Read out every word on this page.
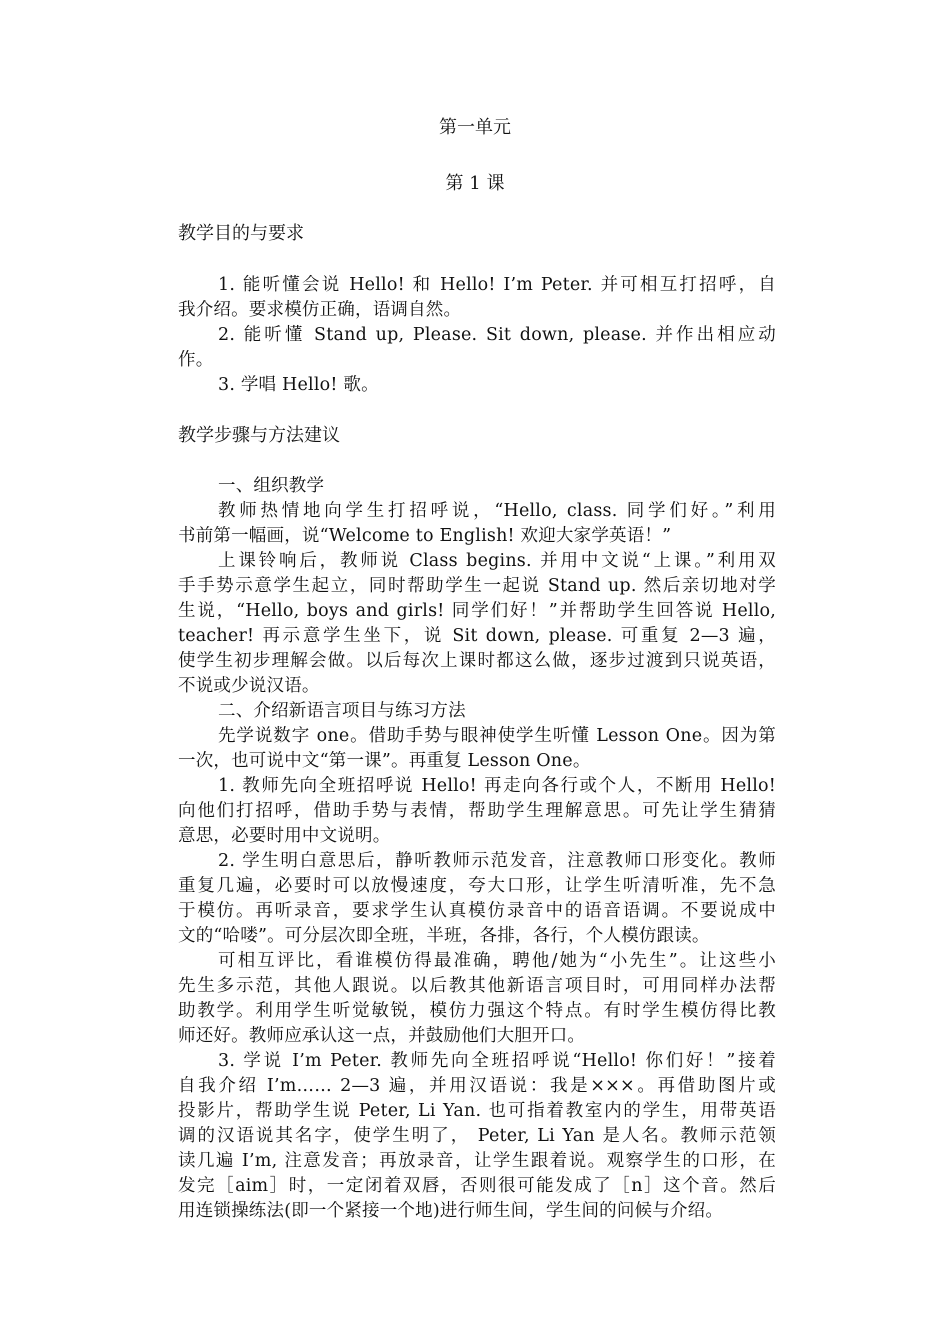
第一单元
第 1 课
教学目的与要求
1. 能听懂会说 Hello! 和 Hello! I’m Peter. 并可相互打招呼，自
我介绍。要求模仿正确，语调自然。
2. 能听懂 Stand up, Please. Sit down, please. 并作出相应动
作。
3. 学唱 Hello! 歌。
教学步骤与方法建议
一、组织教学
教师热情地向学生打招呼说，“Hello, class. 同学们好。”利用
书前第一幅画，说“Welcome to English! 欢迎大家学英语！”
上课铃响后，教师说 Class begins. 并用中文说“上课。”利用双
手手势示意学生起立，同时帮助学生一起说 Stand up. 然后亲切地对学
生说，“Hello, boys and girls! 同学们好！”并帮助学生回答说 Hello,
teacher! 再示意学生坐下，说 Sit down, please. 可重复 2—3 遍，
使学生初步理解会做。以后每次上课时都这么做，逐步过渡到只说英语，
不说或少说汉语。
二、介绍新语言项目与练习方法
先学说数字 one。借助手势与眼神使学生听懂 Lesson One。因为第
一次，也可说中文“第一课”。再重复 Lesson One。
1. 教师先向全班招呼说 Hello! 再走向各行或个人，不断用 Hello!
向他们打招呼，借助手势与表情，帮助学生理解意思。可先让学生猜猜
意思，必要时用中文说明。
2. 学生明白意思后，静听教师示范发音，注意教师口形变化。教师
重复几遍，必要时可以放慢速度，夸大口形，让学生听清听准，先不急
于模仿。再听录音，要求学生认真模仿录音中的语音语调。不要说成中
文的“哈喽”。可分层次即全班，半班，各排，各行，个人模仿跟读。
可相互评比，看谁模仿得最准确，聘他/她为“小先生”。让这些小
先生多示范，其他人跟说。以后教其他新语言项目时，可用同样办法帮
助教学。利用学生听觉敏锐，模仿力强这个特点。有时学生模仿得比教
师还好。教师应承认这一点，并鼓励他们大胆开口。
3. 学说 I’m Peter. 教师先向全班招呼说“Hello! 你们好！”接着
自我介绍 I’m…… 2—3 遍，并用汉语说：我是×××。再借助图片或
投影片，帮助学生说 Peter, Li Yan. 也可指着教室内的学生，用带英语
调的汉语说其名字，使学生明了， Peter, Li Yan 是人名。教师示范领
读几遍 I’m, 注意发音；再放录音，让学生跟着说。观察学生的口形，在
发完［aim］时，一定闭着双唇，否则很可能发成了［n］这个音。然后
用连锁操练法(即一个紧接一个地)进行师生间，学生间的问候与介绍。
